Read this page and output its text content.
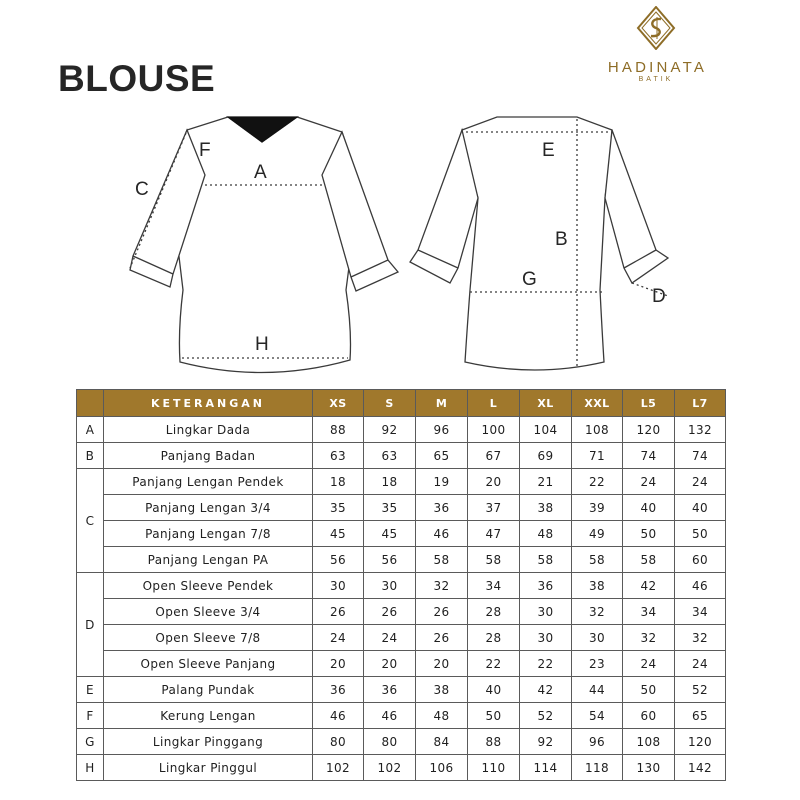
BLOUSE	HADINATA
BATIK
F
A
C
H
E
B
G
D
	KETERANGAN	XS	S	M	L	XL	XXL	L5	L7
A	Lingkar Dada	88	92	96	100	104	108	120	132
B	Panjang Badan	63	63	65	67	69	71	74	74
C	Panjang Lengan Pendek	18	18	19	20	21	22	24	24
	Panjang Lengan 3/4	35	35	36	37	38	39	40	40
	Panjang Lengan 7/8	45	45	46	47	48	49	50	50
	Panjang Lengan PA	56	56	58	58	58	58	58	60
D	Open Sleeve Pendek	30	30	32	34	36	38	42	46
	Open Sleeve 3/4	26	26	26	28	30	32	34	34
	Open Sleeve 7/8	24	24	26	28	30	30	32	32
	Open Sleeve Panjang	20	20	20	22	22	23	24	24
E	Palang Pundak	36	36	38	40	42	44	50	52
F	Kerung Lengan	46	46	48	50	52	54	60	65
G	Lingkar Pinggang	80	80	84	88	92	96	108	120
H	Lingkar Pinggul	102	102	106	110	114	118	130	142
